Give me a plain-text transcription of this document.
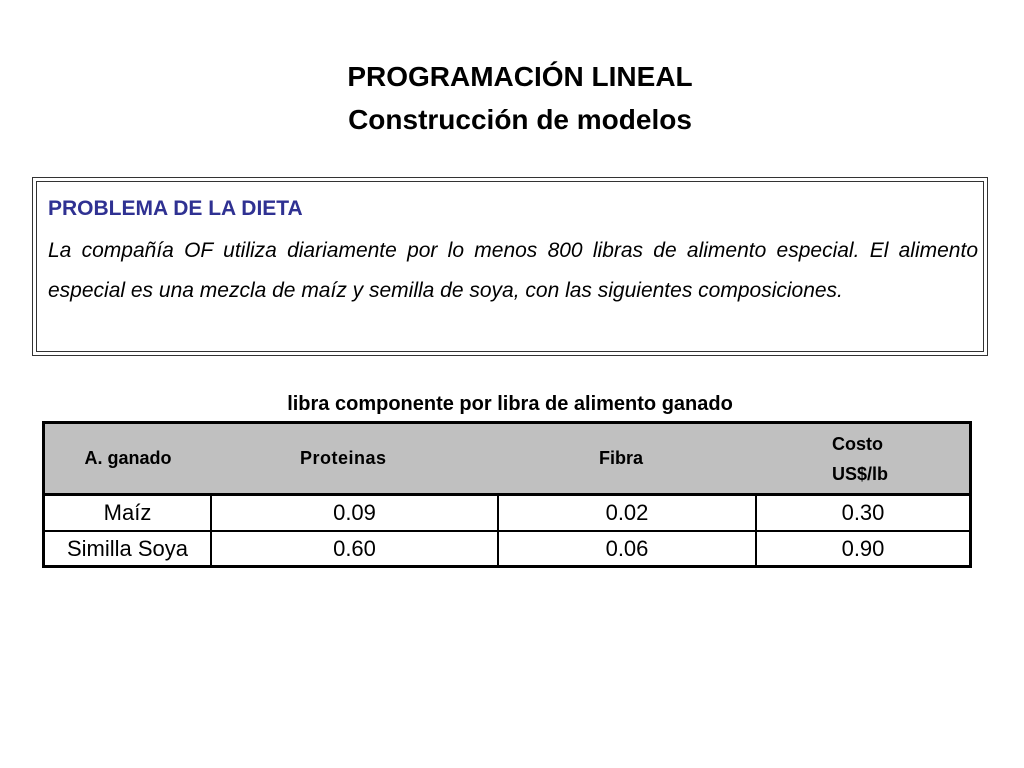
PROGRAMACIÓN LINEAL
Construcción de modelos

PROBLEMA DE LA DIETA

La compañía OF utiliza diariamente por lo menos 800 libras de alimento especial. El alimento especial es una mezcla de maíz y semilla de soya, con las siguientes composiciones.

libra componente por libra de alimento ganado
A. ganado	Proteinas	Fibra	Costo
US$/lb

Maíz	0.09	0.02	0.30
Similla Soya	0.60	0.06	0.90
